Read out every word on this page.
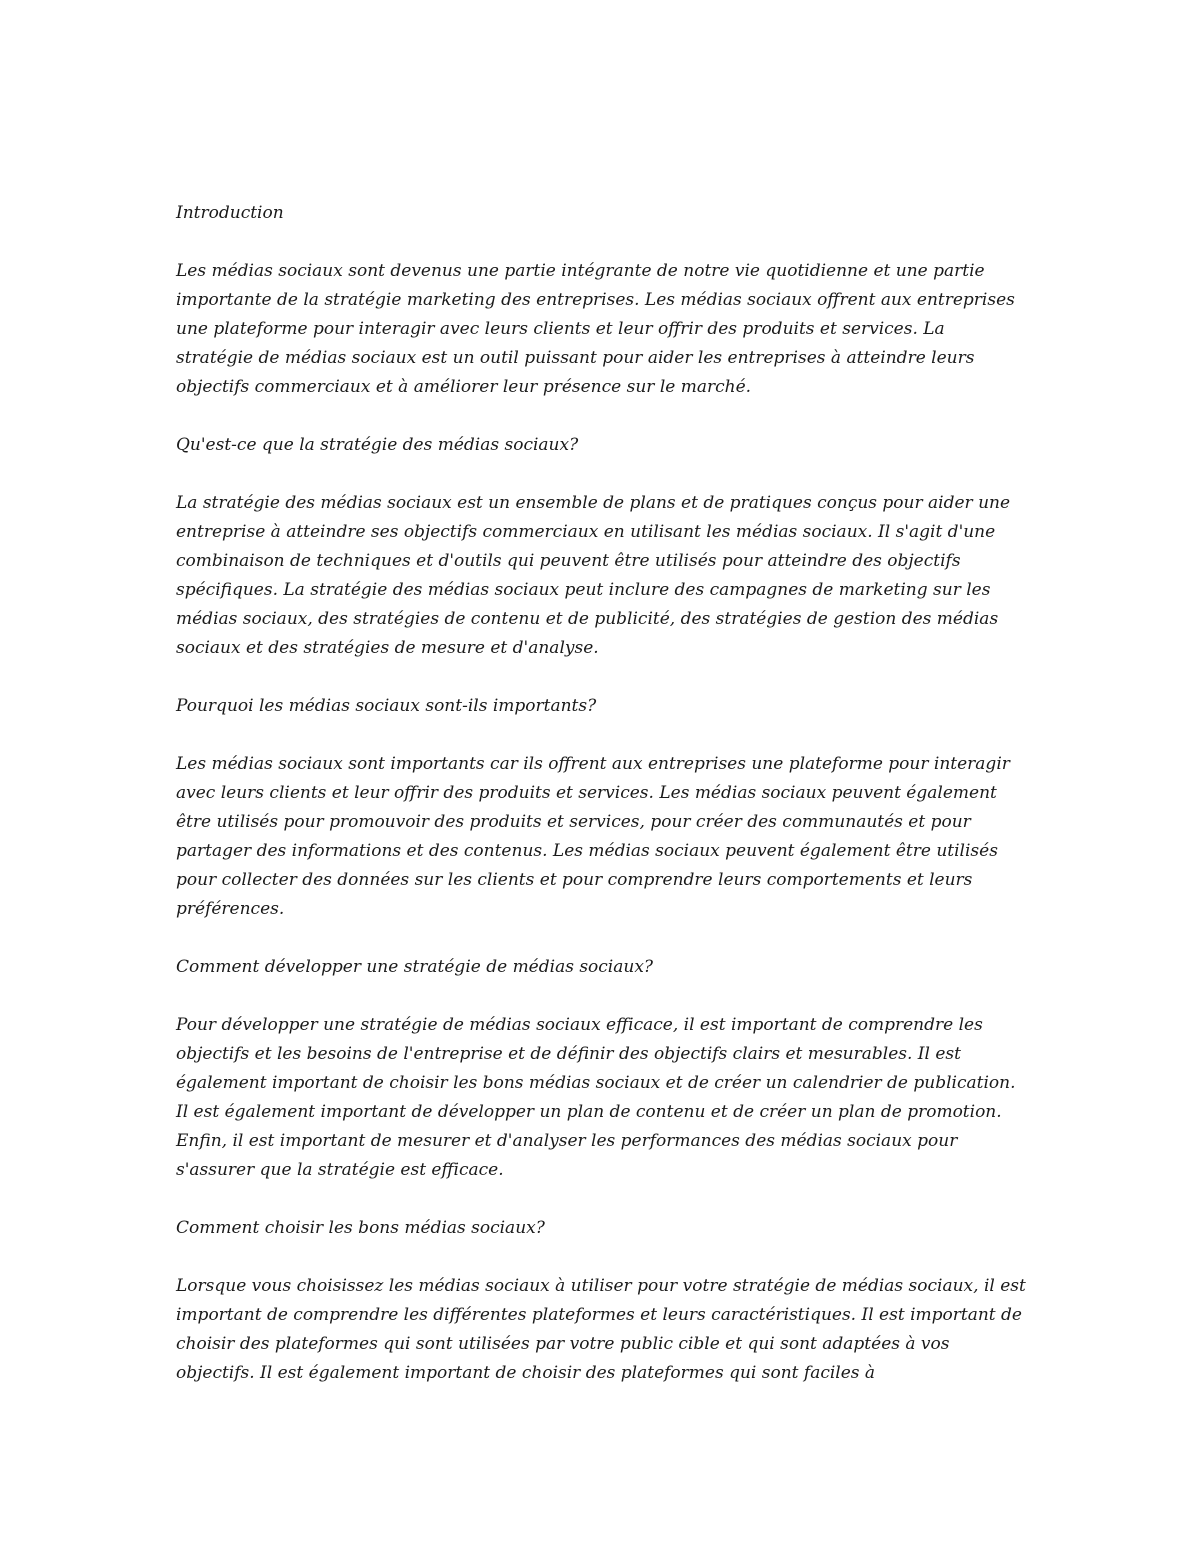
Introduction

Les médias sociaux sont devenus une partie intégrante de notre vie quotidienne et une partie importante de la stratégie marketing des entreprises. Les médias sociaux offrent aux entreprises une plateforme pour interagir avec leurs clients et leur offrir des produits et services. La stratégie de médias sociaux est un outil puissant pour aider les entreprises à atteindre leurs objectifs commerciaux et à améliorer leur présence sur le marché.

Qu'est-ce que la stratégie des médias sociaux?

La stratégie des médias sociaux est un ensemble de plans et de pratiques conçus pour aider une entreprise à atteindre ses objectifs commerciaux en utilisant les médias sociaux. Il s'agit d'une combinaison de techniques et d'outils qui peuvent être utilisés pour atteindre des objectifs spécifiques. La stratégie des médias sociaux peut inclure des campagnes de marketing sur les médias sociaux, des stratégies de contenu et de publicité, des stratégies de gestion des médias sociaux et des stratégies de mesure et d'analyse.

Pourquoi les médias sociaux sont-ils importants?

Les médias sociaux sont importants car ils offrent aux entreprises une plateforme pour interagir avec leurs clients et leur offrir des produits et services. Les médias sociaux peuvent également être utilisés pour promouvoir des produits et services, pour créer des communautés et pour partager des informations et des contenus. Les médias sociaux peuvent également être utilisés pour collecter des données sur les clients et pour comprendre leurs comportements et leurs préférences.

Comment développer une stratégie de médias sociaux?

Pour développer une stratégie de médias sociaux efficace, il est important de comprendre les objectifs et les besoins de l'entreprise et de définir des objectifs clairs et mesurables. Il est également important de choisir les bons médias sociaux et de créer un calendrier de publication. Il est également important de développer un plan de contenu et de créer un plan de promotion. Enfin, il est important de mesurer et d'analyser les performances des médias sociaux pour s'assurer que la stratégie est efficace.

Comment choisir les bons médias sociaux?

Lorsque vous choisissez les médias sociaux à utiliser pour votre stratégie de médias sociaux, il est important de comprendre les différentes plateformes et leurs caractéristiques. Il est important de choisir des plateformes qui sont utilisées par votre public cible et qui sont adaptées à vos objectifs. Il est également important de choisir des plateformes qui sont faciles à
